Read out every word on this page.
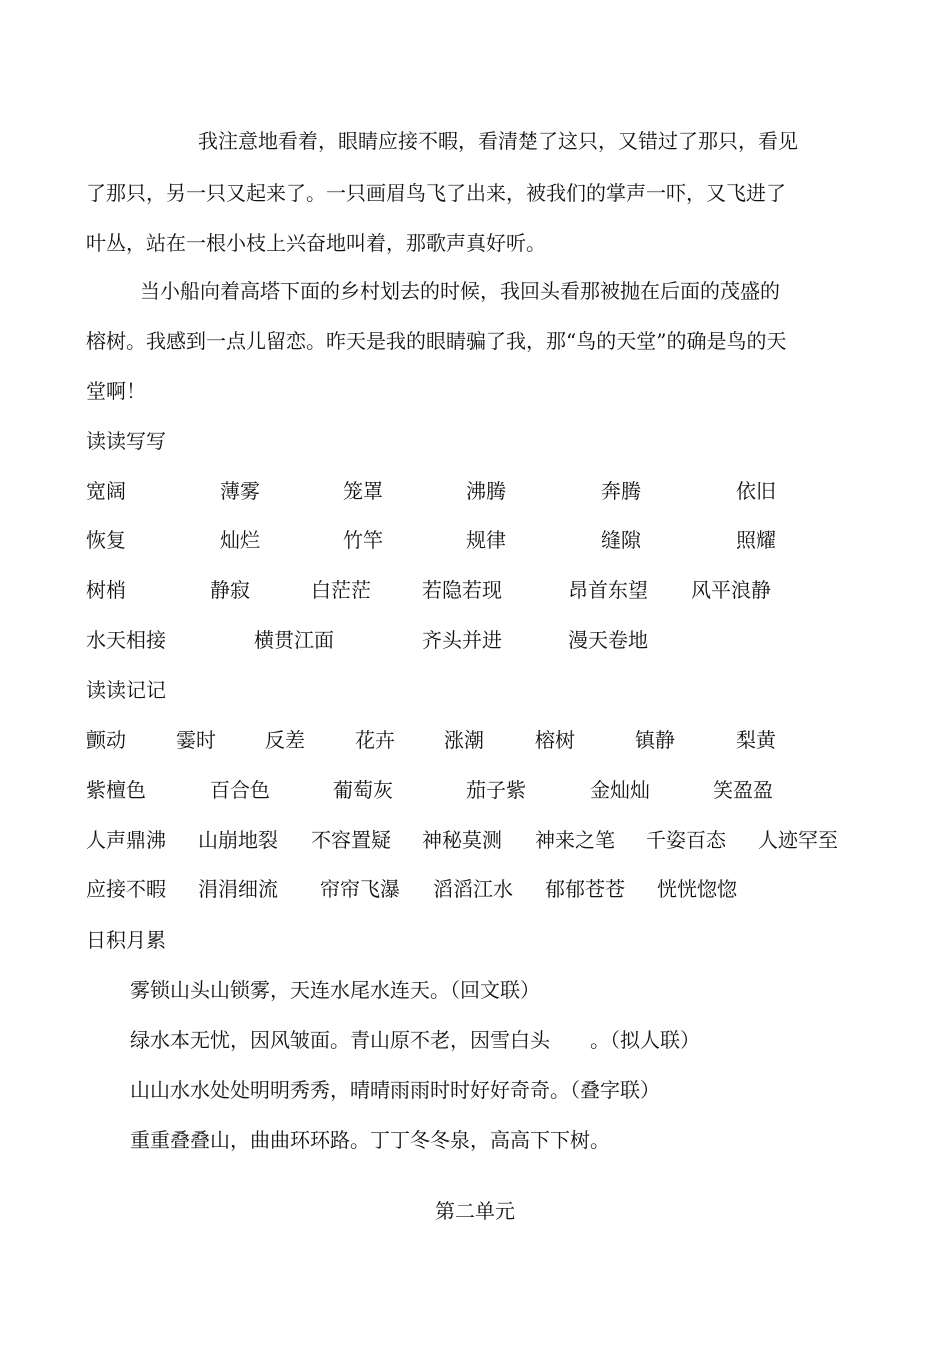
我注意地看着，眼睛应接不暇，看清楚了这只，又错过了那只，看见
了那只，另一只又起来了。一只画眉鸟飞了出来，被我们的掌声一吓，又飞进了
叶丛，站在一根小枝上兴奋地叫着，那歌声真好听。
当小船向着高塔下面的乡村划去的时候，我回头看那被抛在后面的茂盛的
榕树。我感到一点儿留恋。昨天是我的眼睛骗了我，那“鸟的天堂”的确是鸟的天
堂啊！
读读写写
宽阔	薄雾	笼罩	沸腾	奔腾	依旧
恢复	灿烂	竹竿	规律	缝隙	照耀
树梢	静寂	白茫茫	若隐若现	昂首东望 风平浪静
水天相接	横贯江面	齐头并进	漫天卷地
读读记记
颤动	霎时 反差	花卉 涨潮	榕树	镇静	梨黄
紫檀色	百合色	葡萄灰	茄子紫	金灿灿	笑盈盈
人声鼎沸 山崩地裂 不容置疑 神秘莫测 神来之笔 千姿百态 人迹罕至
应接不暇 涓涓细流 帘帘飞瀑 滔滔江水 郁郁苍苍 恍恍惚惚
日积月累
雾锁山头山锁雾，天连水尾水连天。（回文联）
绿水本无忧，因风皱面。青山原不老，因雪白头　　。（拟人联）
山山水水处处明明秀秀，晴晴雨雨时时好好奇奇。（叠字联）
重重叠叠山，曲曲环环路。丁丁冬冬泉，高高下下树。
第二单元
